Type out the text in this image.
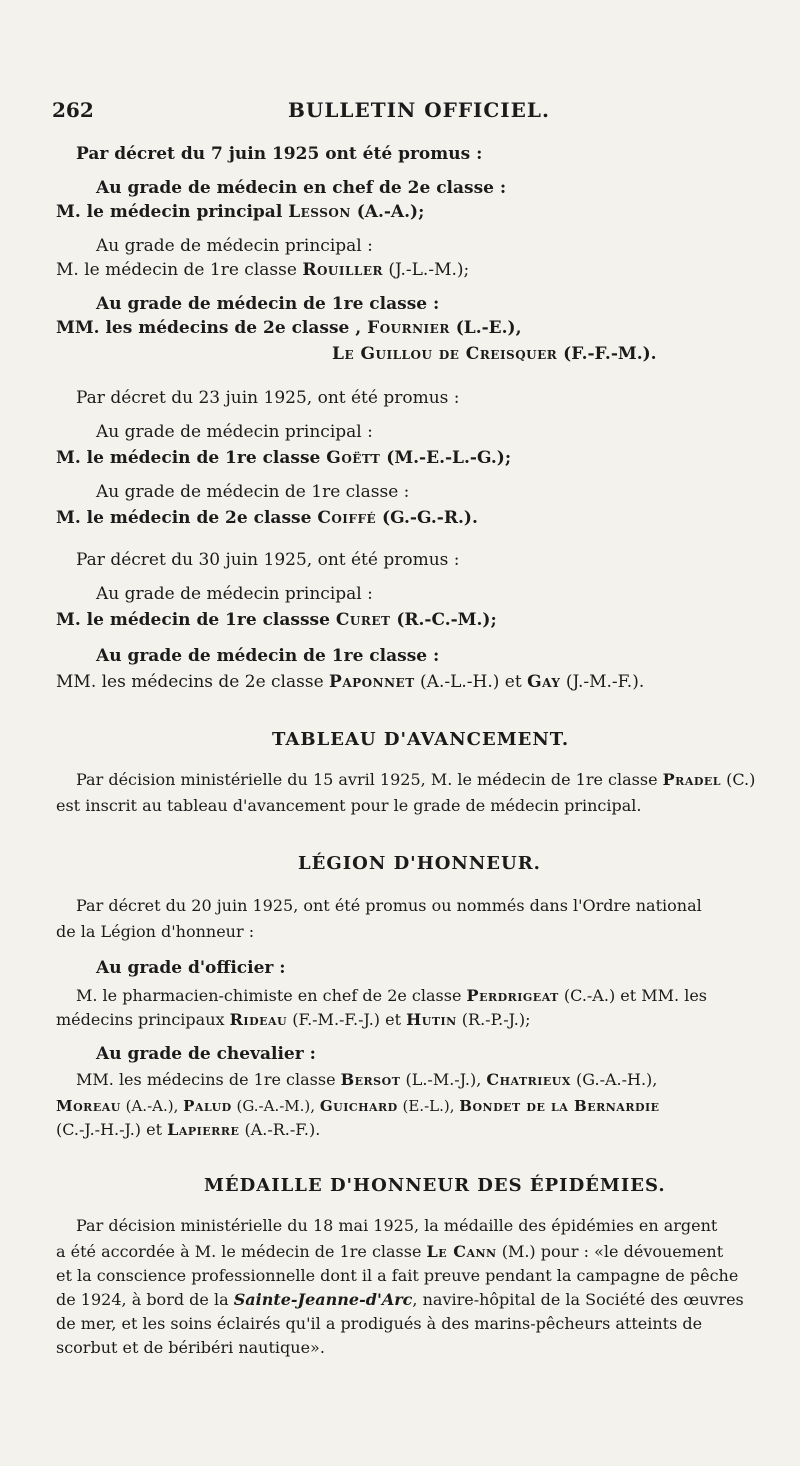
262	BULLETIN OFFICIEL.
Par décret du 7 juin 1925 ont été promus :
Au grade de médecin en chef de 2e classe :
M. le médecin principal Lesson (A.-A.);
Au grade de médecin principal :
M. le médecin de 1re classe Rouiller (J.-L.-M.);
Au grade de médecin de 1re classe :
MM. les médecins de 2e classe , Fournier (L.-E.),
Le Guillou de Creisquer (F.-F.-M.).
Par décret du 23 juin 1925, ont été promus :
Au grade de médecin principal :
M. le médecin de 1re classe Goëtt (M.-E.-L.-G.);
Au grade de médecin de 1re classe :
M. le médecin de 2e classe Coiffé (G.-G.-R.).
Par décret du 30 juin 1925, ont été promus :
Au grade de médecin principal :
M. le médecin de 1re classse Curet (R.-C.-M.);
Au grade de médecin de 1re classe :
MM. les médecins de 2e classe Paponnet (A.-L.-H.) et Gay (J.-M.-F.).
TABLEAU D'AVANCEMENT.
Par décision ministérielle du 15 avril 1925, M. le médecin de 1re classe Pradel (C.)
est inscrit au tableau d'avancement pour le grade de médecin principal.
LÉGION D'HONNEUR.
Par décret du 20 juin 1925, ont été promus ou nommés dans l'Ordre national
de la Légion d'honneur :
Au grade d'officier :
M. le pharmacien-chimiste en chef de 2e classe Perdrigeat (C.-A.) et MM. les
médecins principaux Rideau (F.-M.-F.-J.) et Hutin (R.-P.-J.);
Au grade de chevalier :
MM. les médecins de 1re classe Bersot (L.-M.-J.), Chatrieux (G.-A.-H.),
Moreau (A.-A.), Palud (G.-A.-M.), Guichard (E.-L.), Bondet de la Bernardie
(C.-J.-H.-J.) et Lapierre (A.-R.-F.).
MÉDAILLE D'HONNEUR DES ÉPIDÉMIES.
Par décision ministérielle du 18 mai 1925, la médaille des épidémies en argent
a été accordée à M. le médecin de 1re classe Le Cann (M.) pour : «le dévouement
et la conscience professionnelle dont il a fait preuve pendant la campagne de pêche
de 1924, à bord de la Sainte-Jeanne-d'Arc, navire-hôpital de la Société des œuvres
de mer, et les soins éclairés qu'il a prodigués à des marins-pêcheurs atteints de
scorbut et de béribéri nautique».
